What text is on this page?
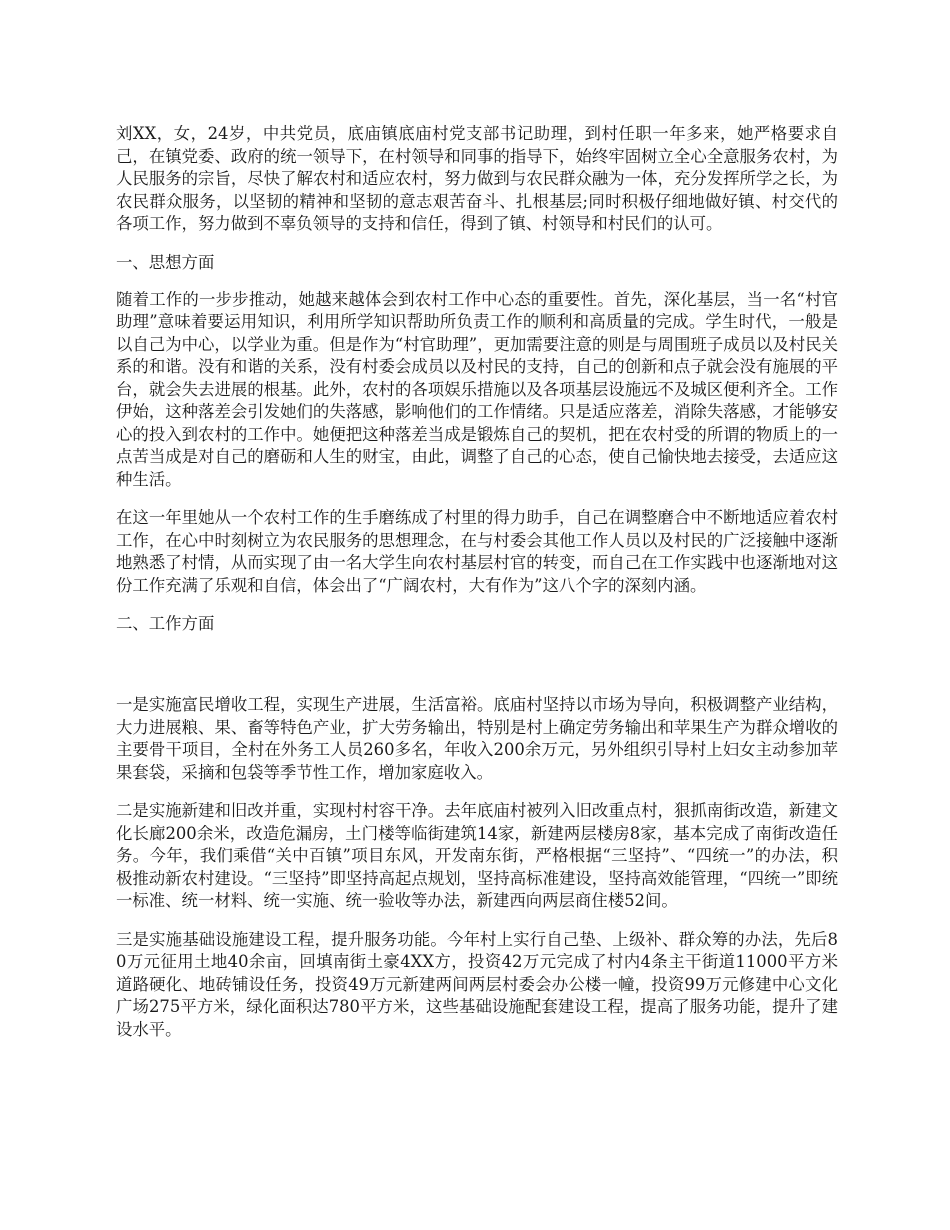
刘XX，女，24岁，中共党员，底庙镇底庙村党支部书记助理，到村任职一年多来，她严格要求自己，在镇党委、政府的统一领导下，在村领导和同事的指导下，始终牢固树立全心全意服务农村，为人民服务的宗旨，尽快了解农村和适应农村，努力做到与农民群众融为一体，充分发挥所学之长，为农民群众服务，以坚韧的精神和坚韧的意志艰苦奋斗、扎根基层;同时积极仔细地做好镇、村交代的各项工作，努力做到不辜负领导的支持和信任，得到了镇、村领导和村民们的认可。

一、思想方面

随着工作的一步步推动，她越来越体会到农村工作中心态的重要性。首先，深化基层，当一名“村官助理”意味着要运用知识，利用所学知识帮助所负责工作的顺利和高质量的完成。学生时代，一般是以自己为中心，以学业为重。但是作为“村官助理”，更加需要注意的则是与周围班子成员以及村民关系的和谐。没有和谐的关系，没有村委会成员以及村民的支持，自己的创新和点子就会没有施展的平台，就会失去进展的根基。此外，农村的各项娱乐措施以及各项基层设施远不及城区便利齐全。工作伊始，这种落差会引发她们的失落感，影响他们的工作情绪。只是适应落差，消除失落感，才能够安心的投入到农村的工作中。她便把这种落差当成是锻炼自己的契机，把在农村受的所谓的物质上的一点苦当成是对自己的磨砺和人生的财宝，由此，调整了自己的心态，使自己愉快地去接受，去适应这种生活。

在这一年里她从一个农村工作的生手磨练成了村里的得力助手，自己在调整磨合中不断地适应着农村工作，在心中时刻树立为农民服务的思想理念，在与村委会其他工作人员以及村民的广泛接触中逐渐地熟悉了村情，从而实现了由一名大学生向农村基层村官的转变，而自己在工作实践中也逐渐地对这份工作充满了乐观和自信，体会出了“广阔农村，大有作为”这八个字的深刻内涵。

二、工作方面

一是实施富民增收工程，实现生产进展，生活富裕。底庙村坚持以市场为导向，积极调整产业结构，大力进展粮、果、畜等特色产业，扩大劳务输出，特别是村上确定劳务输出和苹果生产为群众增收的主要骨干项目，全村在外务工人员260多名，年收入200余万元，另外组织引导村上妇女主动参加苹果套袋，采摘和包袋等季节性工作，增加家庭收入。

二是实施新建和旧改并重，实现村村容干净。去年底庙村被列入旧改重点村，狠抓南街改造，新建文化长廊200余米，改造危漏房，土门楼等临街建筑14家，新建两层楼房8家，基本完成了南街改造任务。今年，我们乘借“关中百镇”项目东风，开发南东街，严格根据“三坚持”、“四统一”的办法，积极推动新农村建设。“三坚持”即坚持高起点规划，坚持高标准建设，坚持高效能管理，“四统一”即统一标准、统一材料、统一实施、统一验收等办法，新建西向两层商住楼52间。

三是实施基础设施建设工程，提升服务功能。今年村上实行自己垫、上级补、群众筹的办法，先后80万元征用土地40余亩，回填南街土豪4XX方，投资42万元完成了村内4条主干街道11000平方米道路硬化、地砖铺设任务，投资49万元新建两间两层村委会办公楼一幢，投资99万元修建中心文化广场275平方米，绿化面积达780平方米，这些基础设施配套建设工程，提高了服务功能，提升了建设水平。
